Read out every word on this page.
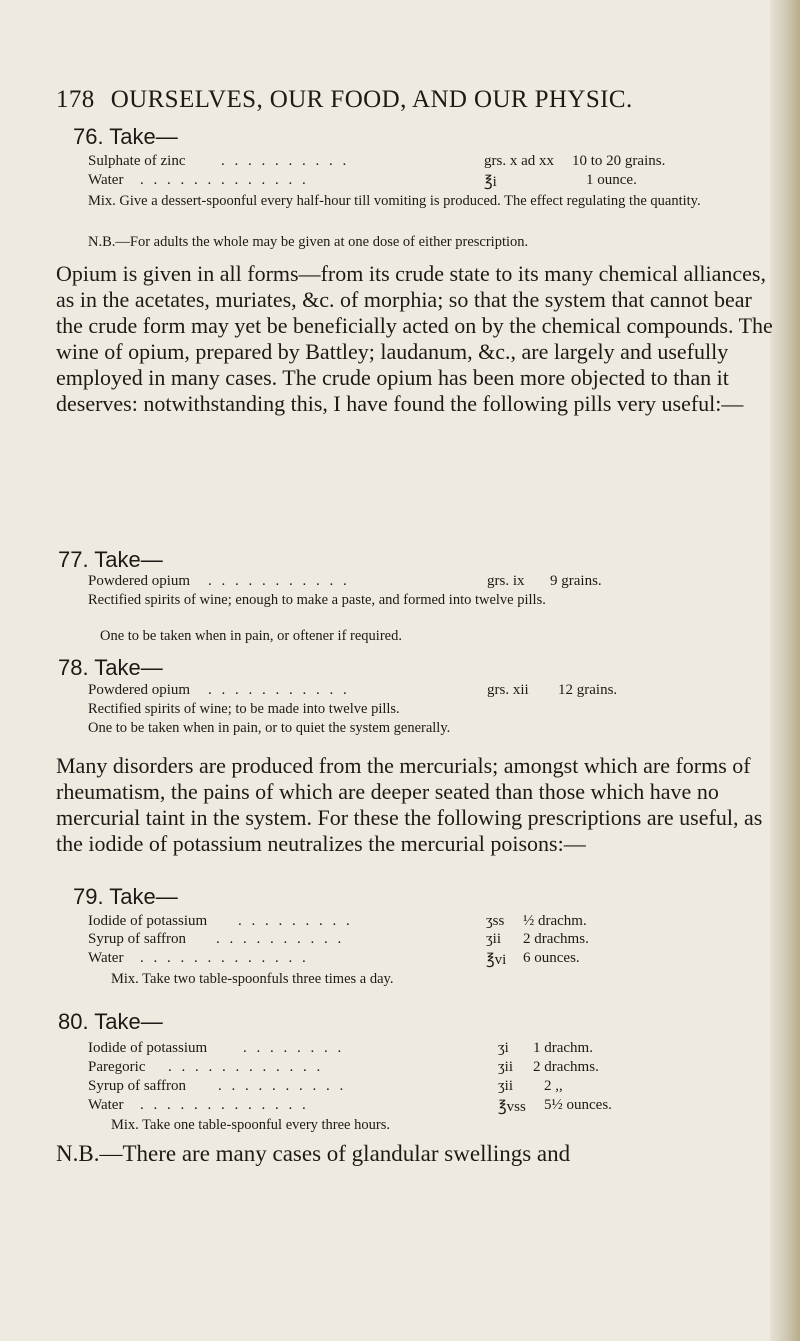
178 OURSELVES, OUR FOOD, AND OUR PHYSIC.
76. Take—
Sulphate of zinc . . . . . . . . . .	grs. x ad xx 10 to 20 grains.
Water . . . . . . . . . . . . .	℥i	1 ounce.
Mix. Give a dessert-spoonful every half-hour till vomiting is produced. The effect regulating the quantity.
N.B.—For adults the whole may be given at one dose of either prescription.
Opium is given in all forms—from its crude state to its many chemical alliances, as in the acetates, muriates, &c. of morphia; so that the system that cannot bear the crude form may yet be beneficially acted on by the chemical compounds. The wine of opium, prepared by Battley; laudanum, &c., are largely and usefully employed in many cases. The crude opium has been more objected to than it deserves: notwithstanding this, I have found the following pills very useful:—
77. Take—
Powdered opium . . . . . . . . . . .	grs. ix 9 grains.
Rectified spirits of wine; enough to make a paste, and formed into twelve pills.
One to be taken when in pain, or oftener if required.
78. Take—
Powdered opium . . . . . . . . . . .	grs. xii 12 grains.
Rectified spirits of wine; to be made into twelve pills.
One to be taken when in pain, or to quiet the system generally.
Many disorders are produced from the mercurials; amongst which are forms of rheumatism, the pains of which are deeper seated than those which have no mercurial taint in the system. For these the following prescriptions are useful, as the iodide of potassium neutralizes the mercurial poisons:—
79. Take—
Iodide of potassium . . . . . . . . .	ʒss ½ drachm.
Syrup of saffron . . . . . . . . . .	ʒii 2 drachms.
Water . . . . . . . . . . . . .	℥vi 6 ounces.
Mix. Take two table-spoonfuls three times a day.
80. Take—
Iodide of potassium . . . . . . . .	ʒi 1 drachm.
Paregoric . . . . . . . . . . . .	ʒii 2 drachms.
Syrup of saffron . . . . . . . . . .	ʒii 2 ,,
Water . . . . . . . . . . . . .	℥vss 5½ ounces.
Mix. Take one table-spoonful every three hours.
N.B.—There are many cases of glandular swellings and
